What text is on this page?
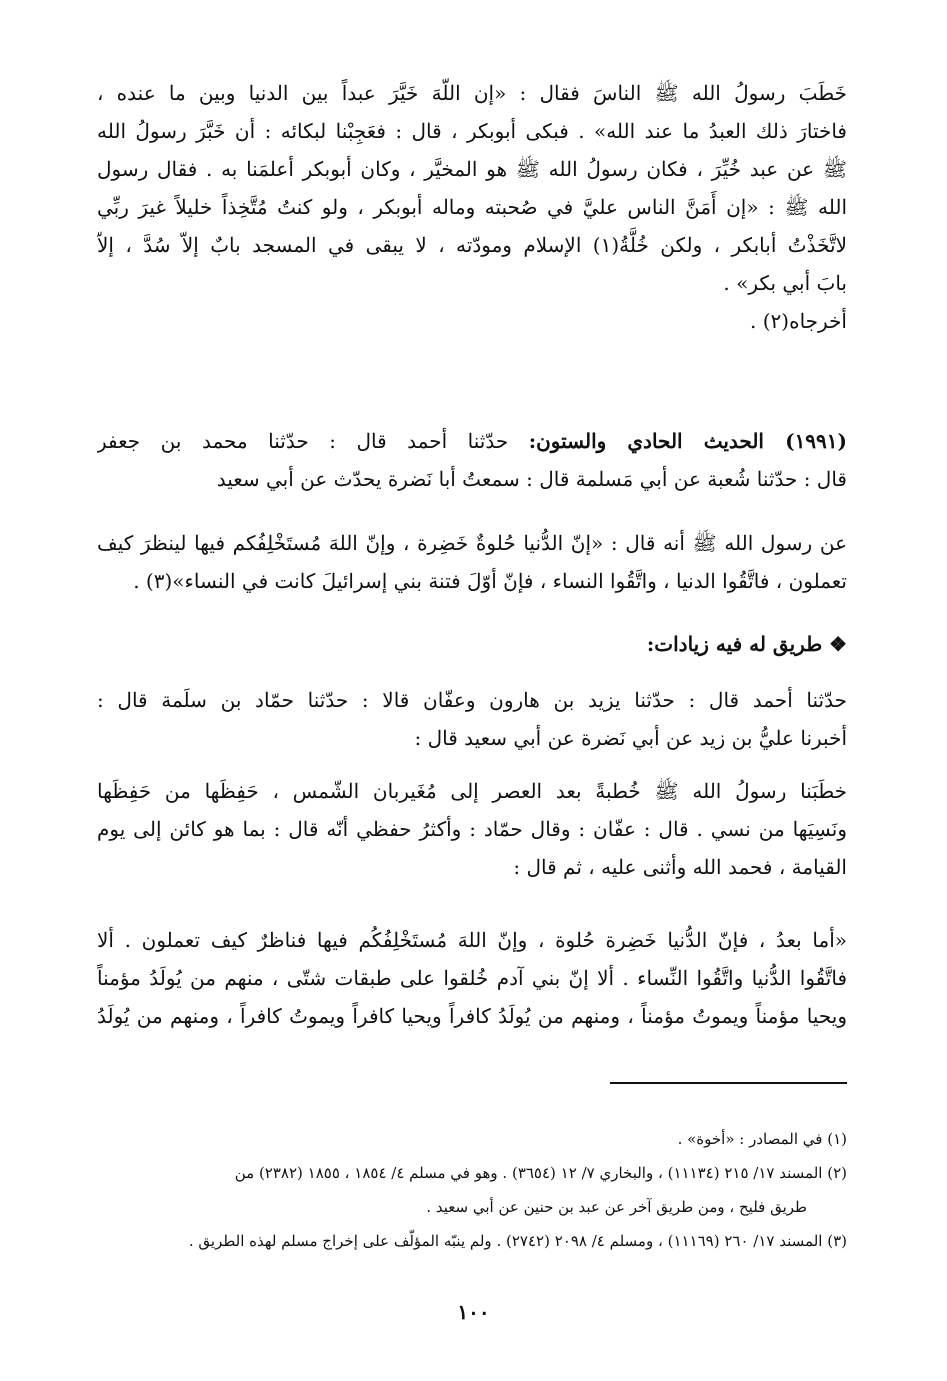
خَطَبَ رسولُ الله ﷺ الناسَ فقال : «إن اللّهَ خَيَّرَ عبداً بين الدنيا وبين ما عنده ،
فاختارَ ذلك العبدُ ما عند الله» . فبكى أبوبكر ، قال : فعَجِبْنا لبكائه : أن خَبَّرَ رسولُ الله
ﷺ عن عبد خُيِّرَ ، فكان رسولُ الله ﷺ هو المخيَّر ، وكان أبوبكر أعلمَنا به . فقال رسول
الله ﷺ : «إن أَمَنَّ الناس عليَّ في صُحبته وماله أبوبكر ، ولو كنتُ مُتَّخِذاً خليلاً غيرَ ربِّي
لاتَّخَذْتُ أبابكر ، ولكن خُلَّةُ(١) الإسلام ومودّته ، لا يبقى في المسجد بابٌ إلاّ سُدَّ ، إلاّ
بابَ أبي بكر» .
أخرجاه(٢) .
(١٩٩١) الحديث الحادي والستون: حدّثنا أحمد قال : حدّثنا محمد بن جعفر
قال : حدّثنا شُعبة عن أبي مَسلمة قال : سمعتُ أبا نَضرة يحدّث عن أبي سعيد
عن رسول الله ﷺ أنه قال : «إنّ الدُّنيا حُلوةٌ خَضِرة ، وإنّ اللهَ مُستَخْلِفُكم فيها لينظرَ كيف
تعملون ، فاتَّقُوا الدنيا ، واتَّقُوا النساء ، فإنّ أوّلَ فتنة بني إسرائيلَ كانت في النساء»(٣) .
❖ طريق له فيه زيادات:
حدّثنا أحمد قال : حدّثنا يزيد بن هارون وعفّان قالا : حدّثنا حمّاد بن سلَمة قال :
أخبرنا عليُّ بن زيد عن أبي نَضرة عن أبي سعيد قال :
خطَبَنا رسولُ الله ﷺ خُطبةً بعد العصر إلى مُغَيربان الشّمس ، حَفِظَها من حَفِظَها
ونَسِيَها من نسي . قال : عفّان : وقال حمّاد : وأكثرُ حفظي أنّه قال : بما هو كائن إلى يوم
القيامة ، فحمد الله وأثنى عليه ، ثم قال :
«أما بعدُ ، فإنّ الدُّنيا خَضِرة حُلوة ، وإنّ اللهَ مُستَخْلِفُكُم فيها فناظرٌ كيف تعملون . ألا
فاتَّقُوا الدُّنيا واتَّقُوا النِّساء . ألا إنّ بني آدم خُلقوا على طبقات شتّى ، منهم من يُولَدُ مؤمناً
ويحيا مؤمناً ويموتُ مؤمناً ، ومنهم من يُولَدُ كافراً ويحيا كافراً ويموتُ كافراً ، ومنهم من يُولَدُ
(١) في المصادر : «أخوة» .
(٢) المسند ١٧/ ٢١٥ (١١١٣٤) ، والبخاري ٧/ ١٢ (٣٦٥٤) . وهو في مسلم ٤/ ١٨٥٤ ، ١٨٥٥ (٢٣٨٢) من
طريق فليح ، ومن طريق آخر عن عبد بن حنين عن أبي سعيد .
(٣) المسند ١٧/ ٢٦٠ (١١١٦٩) ، ومسلم ٤/ ٢٠٩٨ (٢٧٤٢) . ولم ينبّه المؤلّف على إخراج مسلم لهذه الطريق .
١٠٠
